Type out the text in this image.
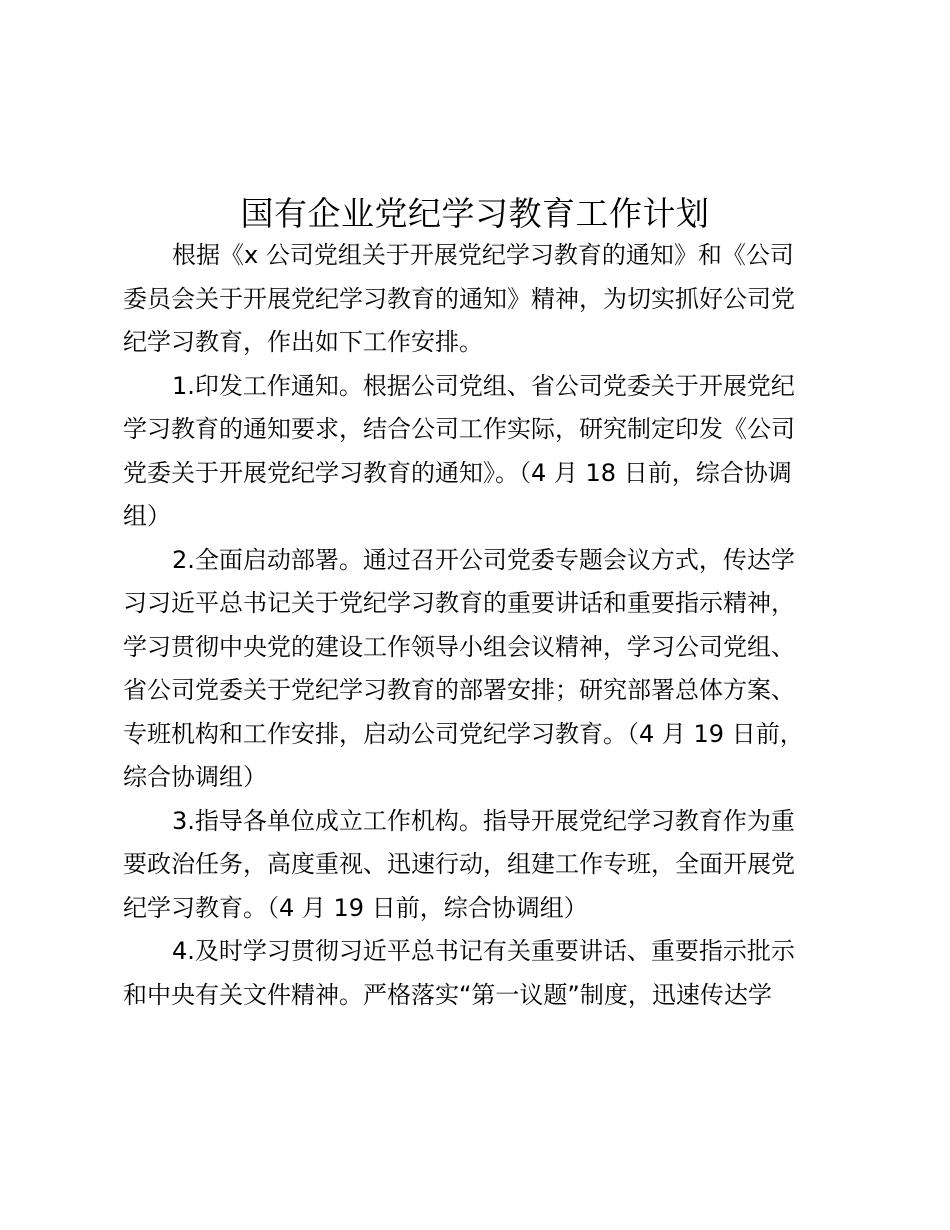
国有企业党纪学习教育工作计划
根据《x 公司党组关于开展党纪学习教育的通知》和《公司
委员会关于开展党纪学习教育的通知》精神，为切实抓好公司党
纪学习教育，作出如下工作安排。
1.印发工作通知。根据公司党组、省公司党委关于开展党纪
学习教育的通知要求，结合公司工作实际，研究制定印发《公司
党委关于开展党纪学习教育的通知》。（4 月 18 日前，综合协调
组）
2.全面启动部署。通过召开公司党委专题会议方式，传达学
习习近平总书记关于党纪学习教育的重要讲话和重要指示精神，
学习贯彻中央党的建设工作领导小组会议精神，学习公司党组、
省公司党委关于党纪学习教育的部署安排；研究部署总体方案、
专班机构和工作安排，启动公司党纪学习教育。（4 月 19 日前，
综合协调组）
3.指导各单位成立工作机构。指导开展党纪学习教育作为重
要政治任务，高度重视、迅速行动，组建工作专班，全面开展党
纪学习教育。（4 月 19 日前，综合协调组）
4.及时学习贯彻习近平总书记有关重要讲话、重要指示批示
和中央有关文件精神。严格落实“第一议题”制度，迅速传达学
